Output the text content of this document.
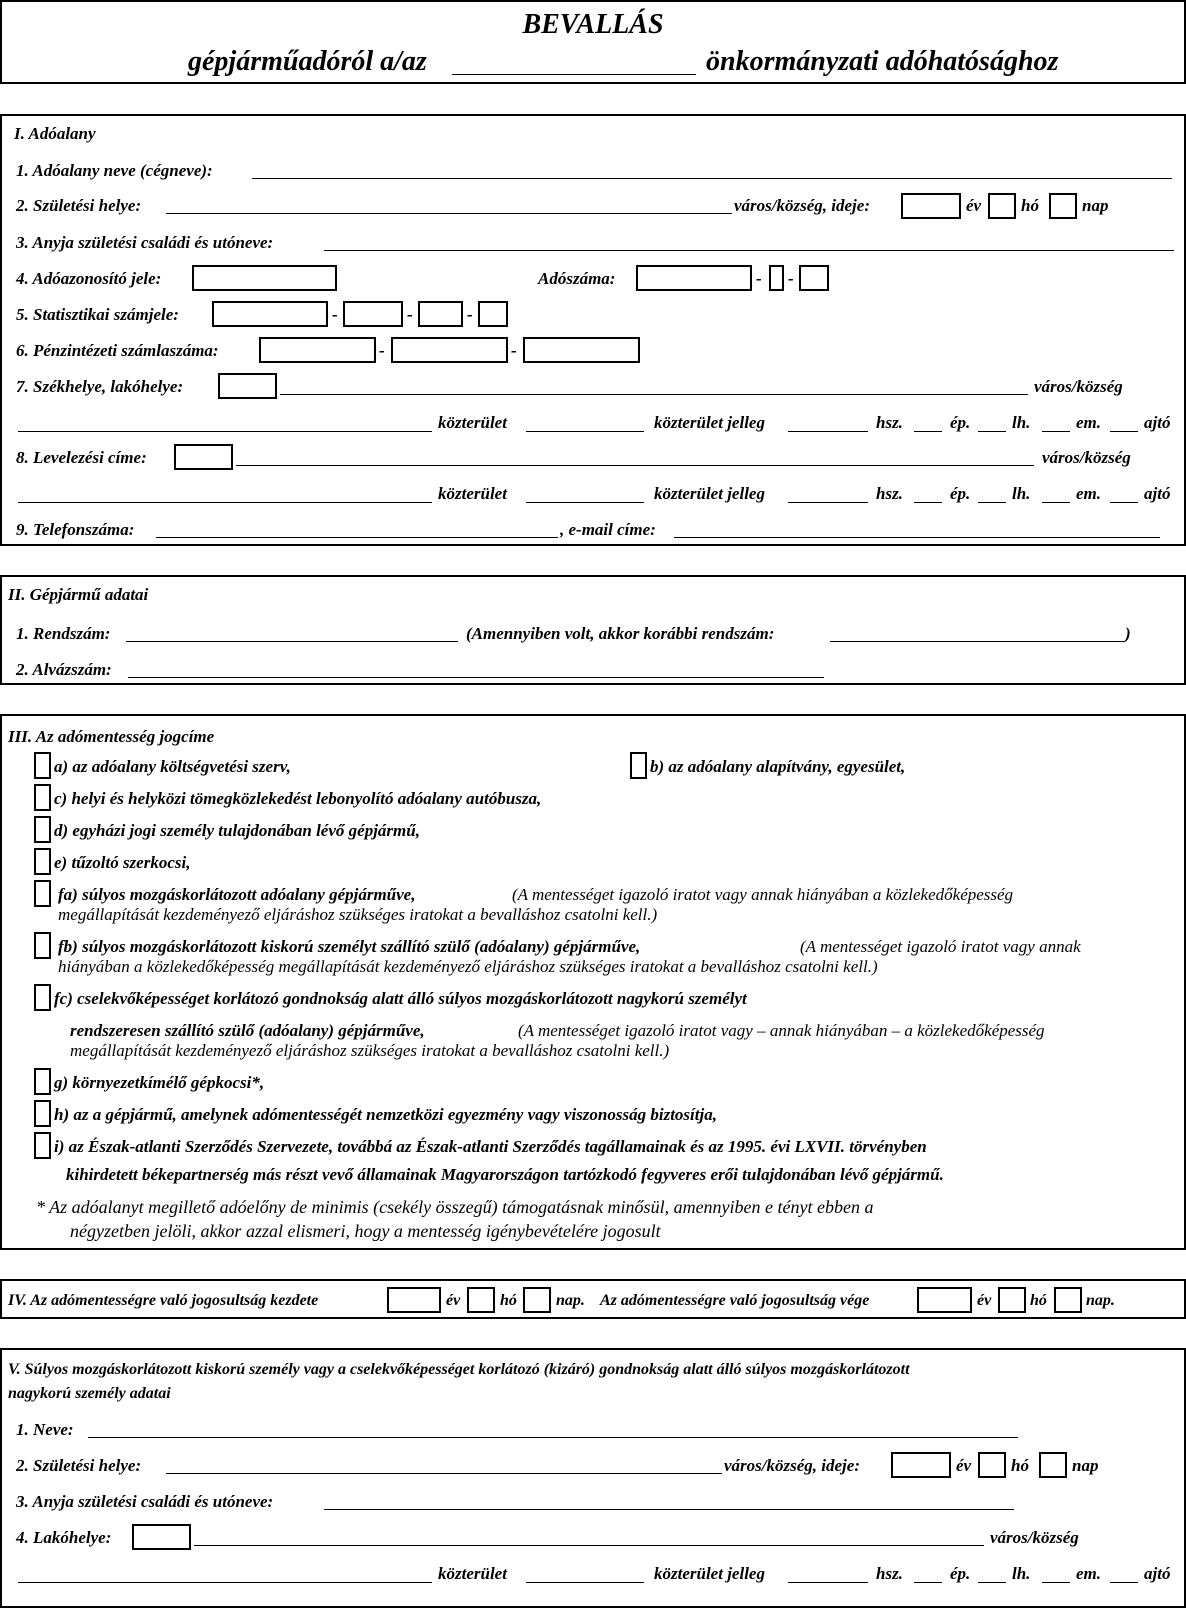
BEVALLÁS
gépjárműadóról a/az	önkormányzati adóhatósághoz
I. Adóalany
1. Adóalany neve (cégneve):
2. Születési helye:	város/község, ideje:	év hó	nap
3. Anyja születési családi és utóneve:
4. Adóazonosító jele:	Adószáma:	- -
5. Statisztikai számjele:	-	-	-
6. Pénzintézeti számlaszáma:	-	-
7. Székhelye, lakóhelye:	város/község
közterület	közterület jelleg	hsz.	ép. lh.	em.	ajtó
8. Levelezési címe:	város/község
közterület	közterület jelleg	hsz.	ép. lh.	em.	ajtó
9. Telefonszáma:	, e-mail címe:
II. Gépjármű adatai
1. Rendszám:	(Amennyiben volt, akkor korábbi rendszám:	)
2. Alvázszám:
III. Az adómentesség jogcíme
a) az adóalany költségvetési szerv,	b) az adóalany alapítvány, egyesület,
c) helyi és helyközi tömegközlekedést lebonyolító adóalany autóbusza,
d) egyházi jogi személy tulajdonában lévő gépjármű,
e) tűzoltó szerkocsi,
fa) súlyos mozgáskorlátozott adóalany gépjárműve,	(A mentességet igazoló iratot vagy annak hiányában a közlekedőképesség
megállapítását kezdeményező eljáráshoz szükséges iratokat a bevalláshoz csatolni kell.)
fb) súlyos mozgáskorlátozott kiskorú személyt szállító szülő (adóalany) gépjárműve,	(A mentességet igazoló iratot vagy annak
hiányában a közlekedőképesség megállapítását kezdeményező eljáráshoz szükséges iratokat a bevalláshoz csatolni kell.)
fc) cselekvőképességet korlátozó gondnokság alatt álló súlyos mozgáskorlátozott nagykorú személyt
rendszeresen szállító szülő (adóalany) gépjárműve,	(A mentességet igazoló iratot vagy – annak hiányában – a közlekedőképesség
megállapítását kezdeményező eljáráshoz szükséges iratokat a bevalláshoz csatolni kell.)
g) környezetkímélő gépkocsi*,
h) az a gépjármű, amelynek adómentességét nemzetközi egyezmény vagy viszonosság biztosítja,
i) az Észak-atlanti Szerződés Szervezete, továbbá az Észak-atlanti Szerződés tagállamainak és az 1995. évi LXVII. törvényben
kihirdetett békepartnerség más részt vevő államainak Magyarországon tartózkodó fegyveres erői tulajdonában lévő gépjármű.
* Az adóalanyt megillető adóelőny de minimis (csekély összegű) támogatásnak minősül, amennyiben e tényt ebben a
négyzetben jelöli, akkor azzal elismeri, hogy a mentesség igénybevételére jogosult
IV. Az adómentességre való jogosultság kezdete	év hó nap. Az adómentességre való jogosultság vége	év hó nap.
V. Súlyos mozgáskorlátozott kiskorú személy vagy a cselekvőképességet korlátozó (kizáró) gondnokság alatt álló súlyos mozgáskorlátozott
nagykorú személy adatai
1. Neve:
2. Születési helye:	város/község, ideje:	év hó	nap
3. Anyja születési családi és utóneve:
4. Lakóhelye:	város/község
közterület	közterület jelleg	hsz.	ép. lh.	em.	ajtó
